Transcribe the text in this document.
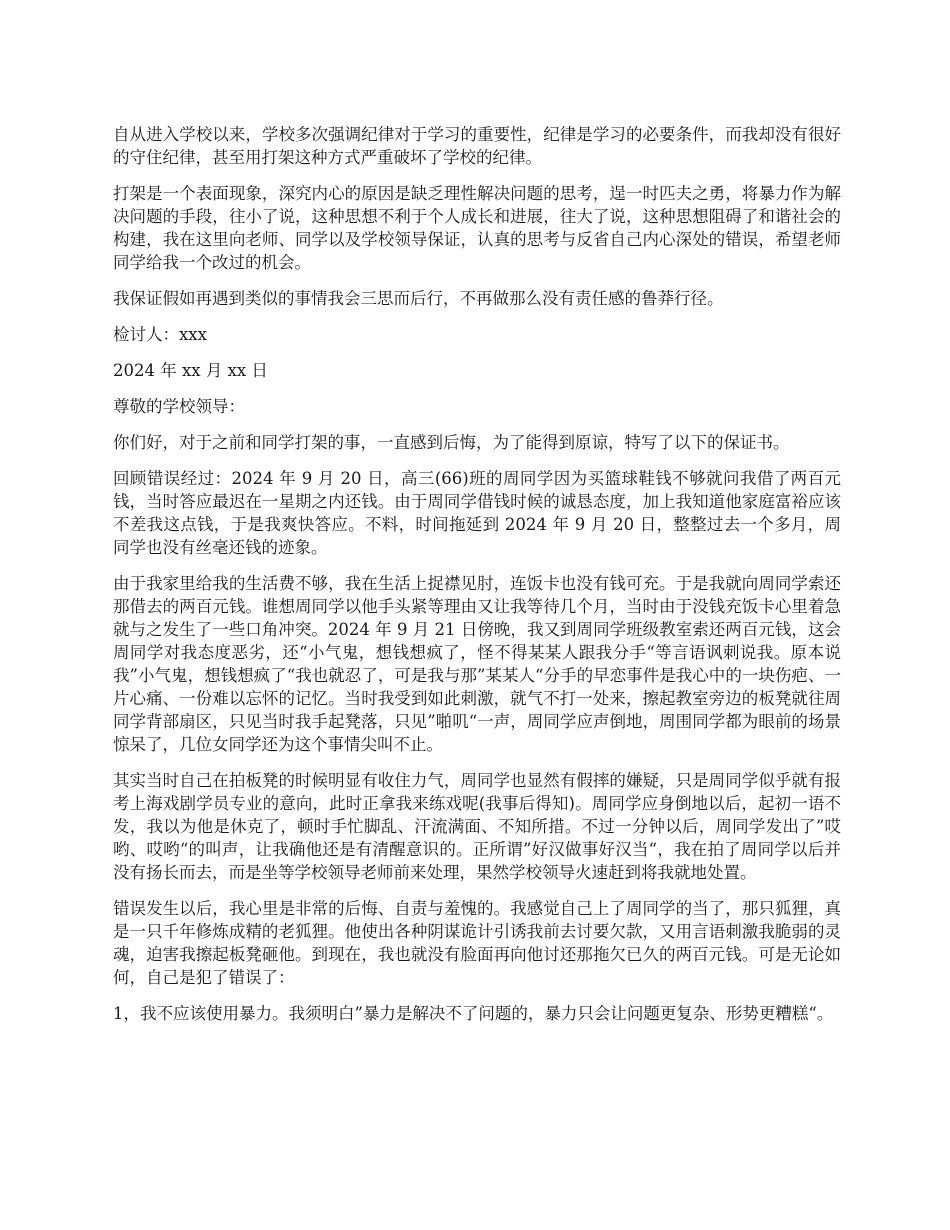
自从进入学校以来，学校多次强调纪律对于学习的重要性，纪律是学习的必要条件，而我却没有很好的守住纪律，甚至用打架这种方式严重破坏了学校的纪律。

打架是一个表面现象，深究内心的原因是缺乏理性解决问题的思考，逞一时匹夫之勇，将暴力作为解决问题的手段，往小了说，这种思想不利于个人成长和进展，往大了说，这种思想阻碍了和谐社会的构建，我在这里向老师、同学以及学校领导保证，认真的思考与反省自己内心深处的错误，希望老师同学给我一个改过的机会。

我保证假如再遇到类似的事情我会三思而后行，不再做那么没有责任感的鲁莽行径。

检讨人：xxx

2024 年 xx 月 xx 日

尊敬的学校领导：

你们好，对于之前和同学打架的事，一直感到后悔，为了能得到原谅，特写了以下的保证书。

回顾错误经过：2024 年 9 月 20 日，高三(66)班的周同学因为买篮球鞋钱不够就问我借了两百元钱，当时答应最迟在一星期之内还钱。由于周同学借钱时候的诚恳态度，加上我知道他家庭富裕应该不差我这点钱，于是我爽快答应。不料，时间拖延到 2024 年 9 月 20 日，整整过去一个多月，周同学也没有丝毫还钱的迹象。

由于我家里给我的生活费不够，我在生活上捉襟见肘，连饭卡也没有钱可充。于是我就向周同学索还那借去的两百元钱。谁想周同学以他手头紧等理由又让我等待几个月，当时由于没钱充饭卡心里着急就与之发生了一些口角冲突。2024 年 9 月 21 日傍晚，我又到周同学班级教室索还两百元钱，这会周同学对我态度恶劣，还“小气鬼，想钱想疯了，怪不得某某人跟我分手“等言语讽刺说我。原本说我”小气鬼，想钱想疯了“我也就忍了，可是我与那”某某人“分手的早恋事件是我心中的一块伤疤、一片心痛、一份难以忘怀的记忆。当时我受到如此刺激，就气不打一处来，擦起教室旁边的板凳就往周同学背部扇区，只见当时我手起凳落，只见”啪叽“一声，周同学应声倒地，周围同学都为眼前的场景惊呆了，几位女同学还为这个事情尖叫不止。

其实当时自己在拍板凳的时候明显有收住力气，周同学也显然有假摔的嫌疑，只是周同学似乎就有报考上海戏剧学员专业的意向，此时正拿我来练戏呢(我事后得知)。周同学应身倒地以后，起初一语不发，我以为他是休克了，顿时手忙脚乱、汗流满面、不知所措。不过一分钟以后，周同学发出了”哎哟、哎哟“的叫声，让我确他还是有清醒意识的。正所谓”好汉做事好汉当“，我在拍了周同学以后并没有扬长而去，而是坐等学校领导老师前来处理，果然学校领导火速赶到将我就地处置。

错误发生以后，我心里是非常的后悔、自责与羞愧的。我感觉自己上了周同学的当了，那只狐狸，真是一只千年修炼成精的老狐狸。他使出各种阴谋诡计引诱我前去讨要欠款，又用言语刺激我脆弱的灵魂，迫害我擦起板凳砸他。到现在，我也就没有脸面再向他讨还那拖欠已久的两百元钱。可是无论如何，自己是犯了错误了：

1，我不应该使用暴力。我须明白”暴力是解决不了问题的，暴力只会让问题更复杂、形势更糟糕“。
